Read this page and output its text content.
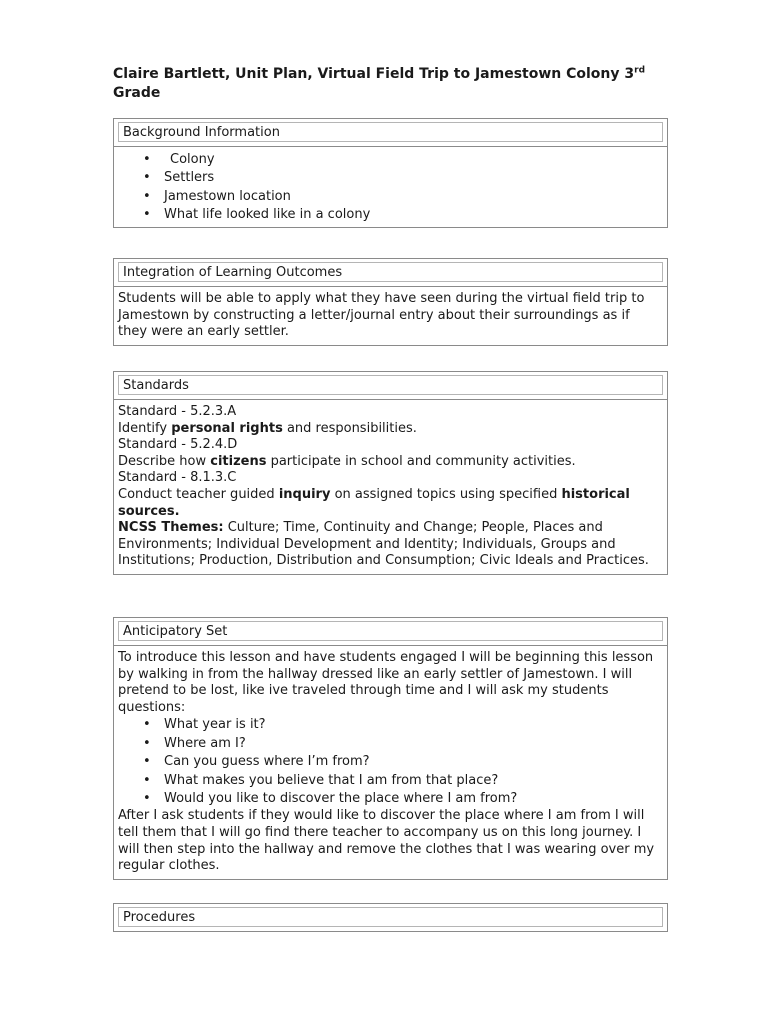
Claire Bartlett, Unit Plan, Virtual Field Trip to Jamestown Colony 3rd
Grade
Background Information
• Colony
• Settlers
• Jamestown location
• What life looked like in a colony
Integration of Learning Outcomes

Students will be able to apply what they have seen during the virtual field trip to Jamestown by constructing a letter/journal entry about their surroundings as if they were an early settler.

Standards

Standard - 5.2.3.A

Identify personal rights and responsibilities.

Standard - 5.2.4.D

Describe how citizens participate in school and community activities.

Standard - 8.1.3.C

Conduct teacher guided inquiry on assigned topics using specified historical sources.

NCSS Themes: Culture; Time, Continuity and Change; People, Places and Environments; Individual Development and Identity; Individuals, Groups and Institutions; Production, Distribution and Consumption; Civic Ideals and Practices.

Anticipatory Set

To introduce this lesson and have students engaged I will be beginning this lesson by walking in from the hallway dressed like an early settler of Jamestown. I will pretend to be lost, like ive traveled through time and I will ask my students questions:

• What year is it?
• Where am I?
• Can you guess where I’m from?
• What makes you believe that I am from that place?
• Would you like to discover the place where I am from?

After I ask students if they would like to discover the place where I am from I will tell them that I will go find there teacher to accompany us on this long journey. I will then step into the hallway and remove the clothes that I was wearing over my regular clothes.

Procedures
